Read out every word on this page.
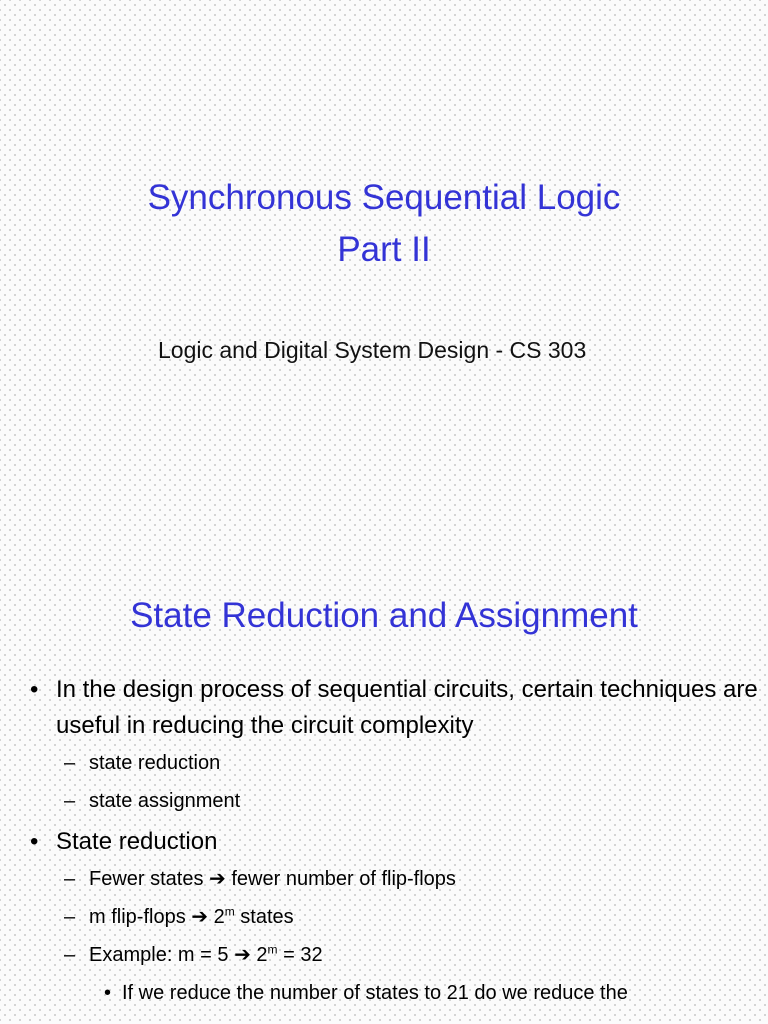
Synchronous Sequential Logic
Part II
Logic and Digital System Design - CS 303
State Reduction and Assignment
• In the design process of sequential circuits, certain techniques are useful in reducing the circuit complexity
– state reduction
– state assignment
• State reduction
– Fewer states ➔ fewer number of flip-flops
– m flip-flops ➔ 2$^m$ states
– Example: m = 5 ➔ $2^m = 32$
• If we reduce the number of states to 21 do we reduce the
